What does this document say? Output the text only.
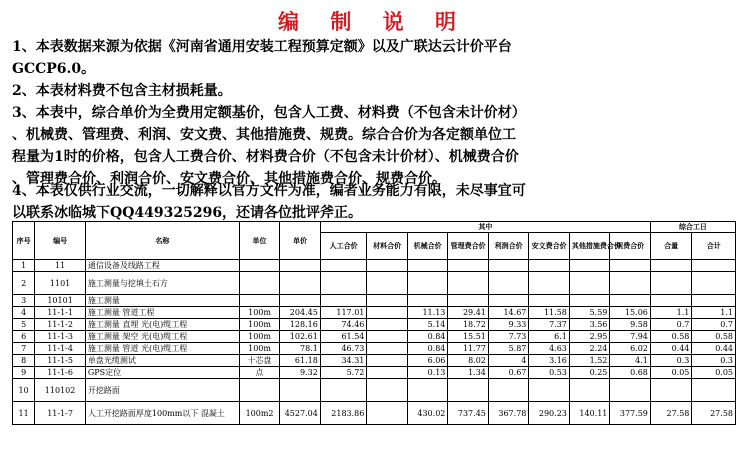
编 制 说 明

1、本表数据来源为依据《河南省通用安装工程预算定额》以及广联达云计价平台
GCCP6.0。

2、本表材料费不包含主材损耗量。

3、本表中，综合单价为全费用定额基价，包含人工费、材料费（不包含未计价材）
、机械费、管理费、利润、安文费、其他措施费、规费。综合合价为各定额单位工
程量为1时的价格，包含人工费合价、材料费合价（不包含未计价材）、机械费合价
、管理费合价、利润合价、安文费合价、其他措施费合价、规费合价。

4、本表仅供行业交流，一切解释以官方文件为准，编者业务能力有限，未尽事宜可
以联系冰临城下QQ449325296，还请各位批评斧正。

序号	编号	名称	单位	单价	其中								综合工日	
					人工合价	材料合价	机械合价	管理费合价	利润合价	安文费合价	其他措施费合价	规费合价	合量	合计
1	11	通信设备及线路工程												
2	1101	施工测量与挖填土石方												
3	10101	施工测量												
4	11-1-1	施工测量 管道工程	100m	204.45	117.01		11.13	29.41	14.67	11.58	5.59	15.06	1.1	1.1
5	11-1-2	施工测量 直埋 光(电)缆工程	100m	128.16	74.46		5.14	18.72	9.33	7.37	3.56	9.58	0.7	0.7
6	11-1-3	施工测量 架空 光(电)缆工程	100m	102.61	61.54		0.84	15.51	7.73	6.1	2.95	7.94	0.58	0.58
7	11-1-4	施工测量 管道 光(电)缆工程	100m	78.1	46.73		0.84	11.77	5.87	4.63	2.24	6.02	0.44	0.44
8	11-1-5	单盘光缆测试	十芯盘	61.18	34.31		6.06	8.02	4	3.16	1.52	4.1	0.3	0.3
9	11-1-6	GPS定位	点	9.32	5.72		0.13	1.34	0.67	0.53	0.25	0.68	0.05	0.05
10	110102	开挖路面												
11	11-1-7	人工开挖路面厚度100mm以下 混凝土	100m2	4527.04	2183.86		430.02	737.45	367.78	290.23	140.11	377.59	27.58	27.58
